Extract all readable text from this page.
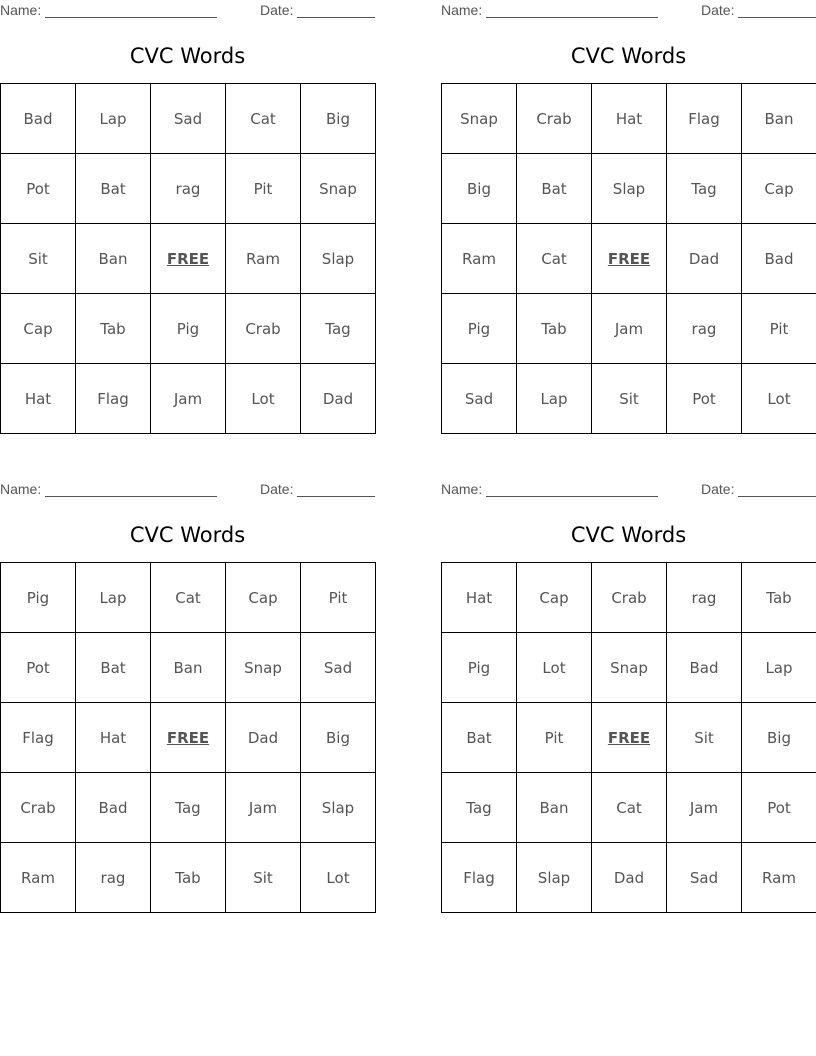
Name:	Date:
CVC Words
Bad	Lap	Sad	Cat	Big
Pot	Bat	rag	Pit	Snap
Sit	Ban	FREE	Ram	Slap
Cap	Tab	Pig	Crab	Tag
Hat	Flag	Jam	Lot	Dad
Name:	Date:
CVC Words
Snap	Crab	Hat	Flag	Ban
Big	Bat	Slap	Tag	Cap
Ram	Cat	FREE	Dad	Bad
Pig	Tab	Jam	rag	Pit
Sad	Lap	Sit	Pot	Lot
Name:	Date:
CVC Words
Pig	Lap	Cat	Cap	Pit
Pot	Bat	Ban	Snap	Sad
Flag	Hat	FREE	Dad	Big
Crab	Bad	Tag	Jam	Slap
Ram	rag	Tab	Sit	Lot
Name:	Date:
CVC Words
Hat	Cap	Crab	rag	Tab
Pig	Lot	Snap	Bad	Lap
Bat	Pit	FREE	Sit	Big
Tag	Ban	Cat	Jam	Pot
Flag	Slap	Dad	Sad	Ram
